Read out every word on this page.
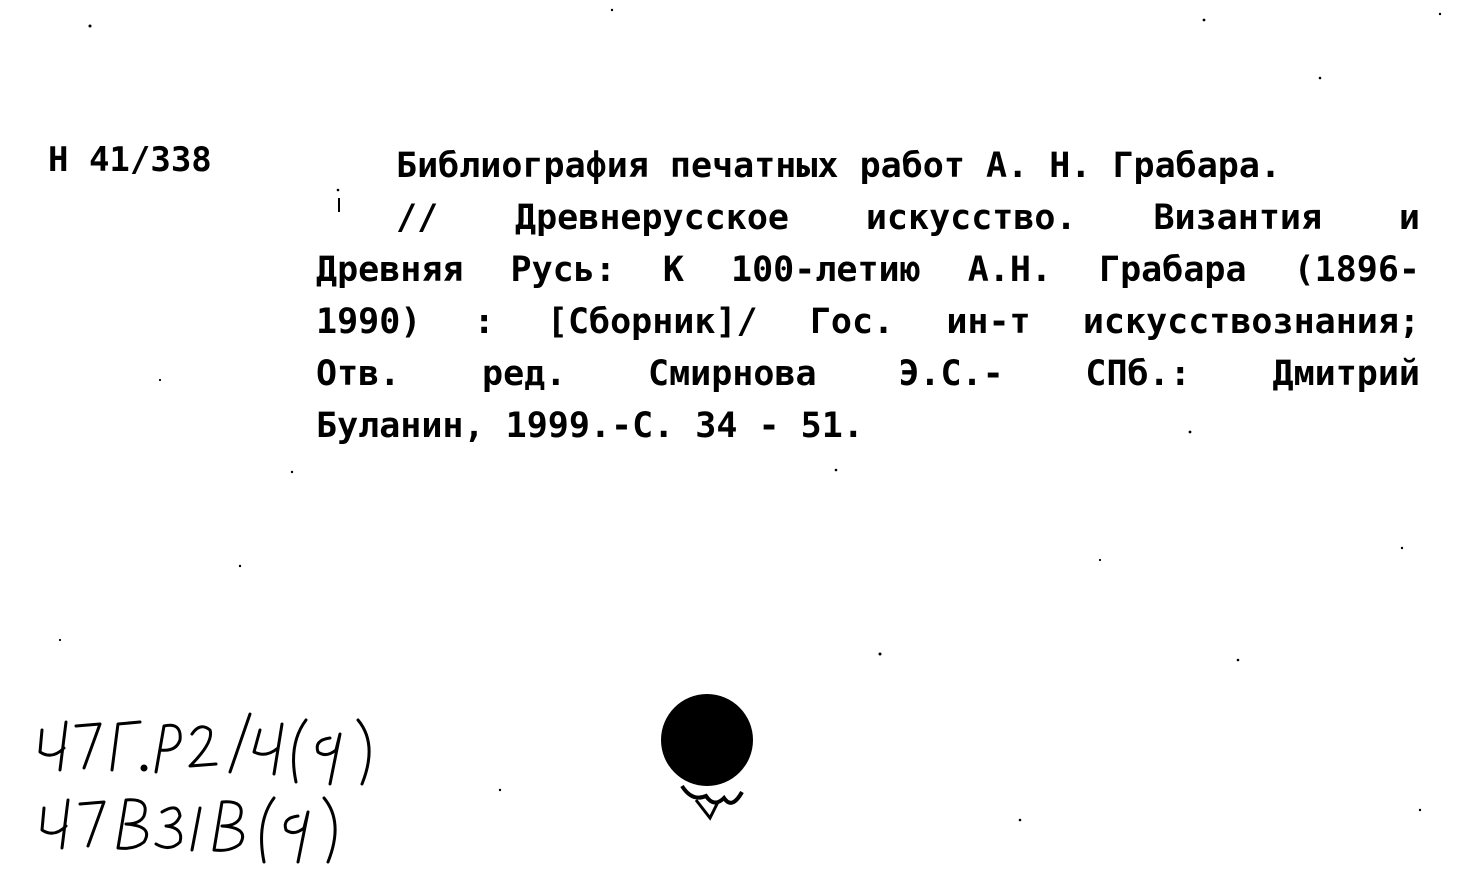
Н 41/338	Библиография печатных работ А. Н. Грабара.
// Древнерусское искусство. Византия и
Древняя Русь: К 100-летию А.Н. Грабара (1896-
1990) : [Сборник]/ Гос. ин-т искусствознания;
Отв. ред. Смирнова Э.С.- СПб.: Дмитрий
Буланин, 1999.-С. 34 - 51.
